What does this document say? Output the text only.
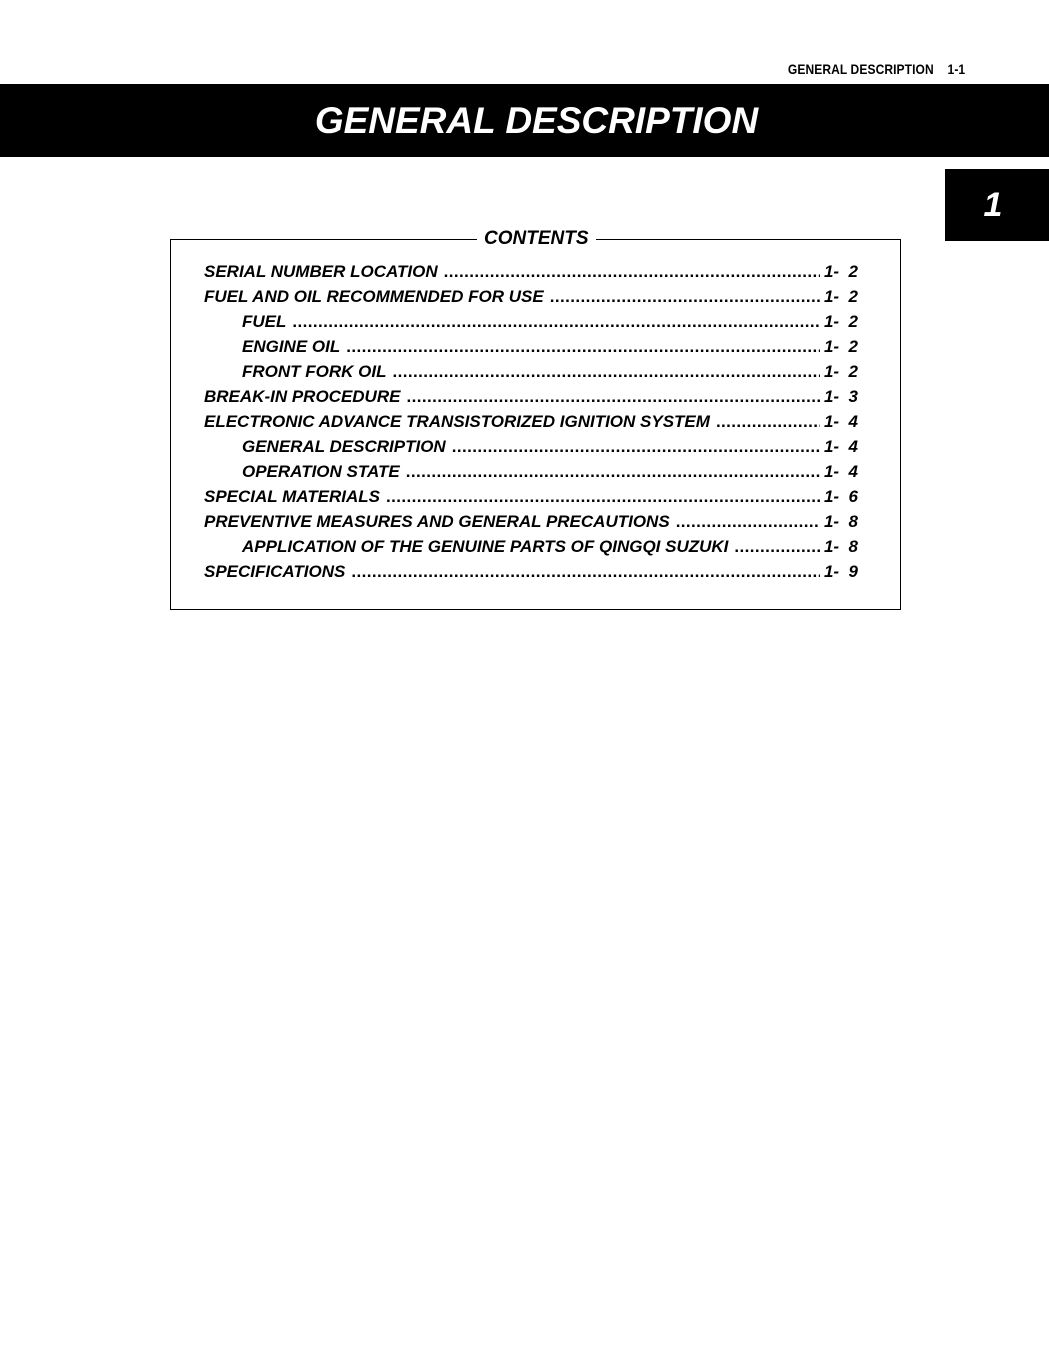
GENERAL DESCRIPTION 1-1
GENERAL DESCRIPTION
1
CONTENTS
SERIAL NUMBER LOCATION .....	1-  2
FUEL AND OIL RECOMMENDED FOR USE .....	1-  2
FUEL .....	1-  2
ENGINE OIL .....	1-  2
FRONT FORK OIL .....	1-  2
BREAK-IN PROCEDURE .....	1-  3
ELECTRONIC ADVANCE TRANSISTORIZED IGNITION SYSTEM .....	1-  4
GENERAL DESCRIPTION .....	1-  4
OPERATION STATE .....	1-  4
SPECIAL MATERIALS .....	1-  6
PREVENTIVE MEASURES AND GENERAL PRECAUTIONS .....	1-  8
APPLICATION OF THE GENUINE PARTS OF QINGQI SUZUKI .....	1-  8
SPECIFICATIONS .....	1-  9
